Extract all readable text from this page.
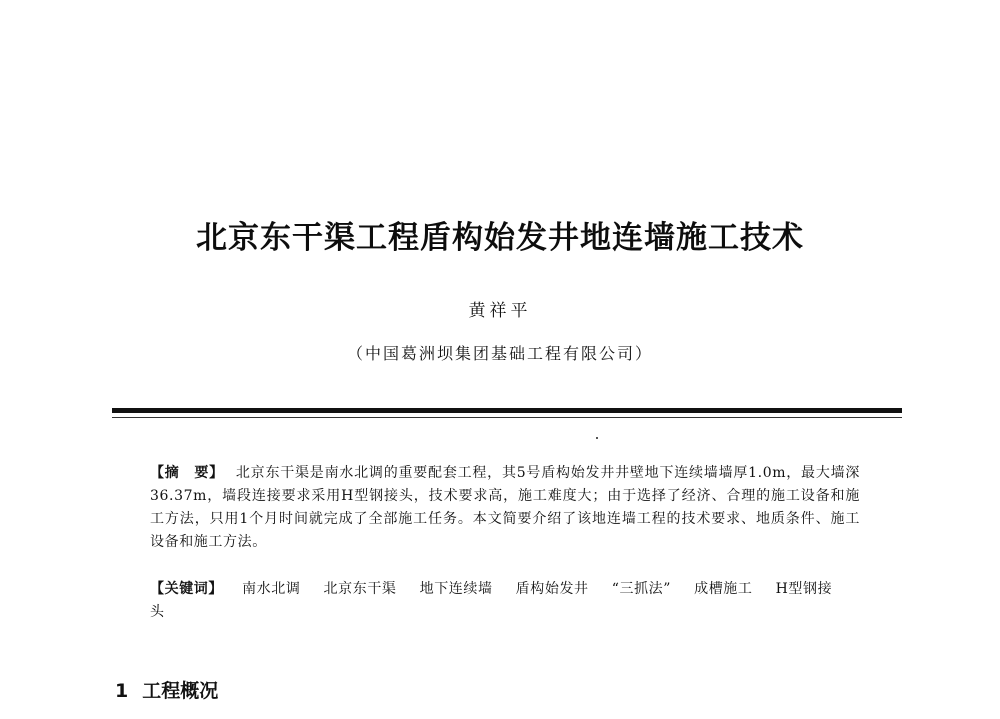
北京东干渠工程盾构始发井地连墙施工技术
黄祥平
（中国葛洲坝集团基础工程有限公司）

【摘　要】 北京东干渠是南水北调的重要配套工程，其5号盾构始发井井壁地下连续墙墙厚1.0m，最大墙深36.37m，墙段连接要求采用H型钢接头，技术要求高，施工难度大；由于选择了经济、合理的施工设备和施工方法，只用1个月时间就完成了全部施工任务。本文简要介绍了该地连墙工程的技术要求、地质条件、施工设备和施工方法。

【关键词】 南水北调 北京东干渠 地下连续墙 盾构始发井 “三抓法” 成槽施工 H型钢接头

1 工程概况
